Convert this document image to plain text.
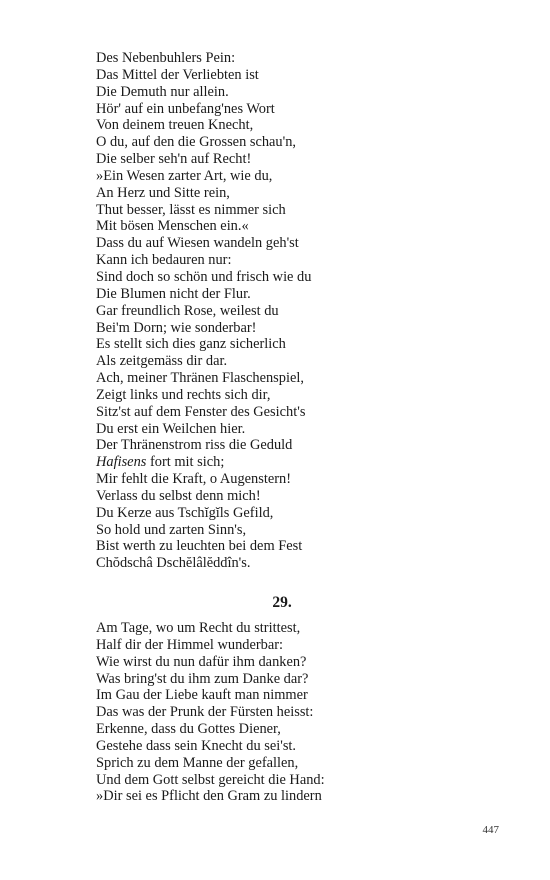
Des Nebenbuhlers Pein:
Das Mittel der Verliebten ist
Die Demuth nur allein.
Hör' auf ein unbefang'nes Wort
Von deinem treuen Knecht,
O du, auf den die Grossen schau'n,
Die selber seh'n auf Recht!
»Ein Wesen zarter Art, wie du,
An Herz und Sitte rein,
Thut besser, lässt es nimmer sich
Mit bösen Menschen ein.«
Dass du auf Wiesen wandeln geh'st
Kann ich bedauren nur:
Sind doch so schön und frisch wie du
Die Blumen nicht der Flur.
Gar freundlich Rose, weilest du
Bei'm Dorn; wie sonderbar!
Es stellt sich dies ganz sicherlich
Als zeitgemäss dir dar.
Ach, meiner Thränen Flaschenspiel,
Zeigt links und rechts sich dir,
Sitz'st auf dem Fenster des Gesicht's
Du erst ein Weilchen hier.
Der Thränenstrom riss die Geduld
Hafisens fort mit sich;
Mir fehlt die Kraft, o Augenstern!
Verlass du selbst denn mich!
Du Kerze aus Tschĭgĭls Gefild,
So hold und zarten Sinn's,
Bist werth zu leuchten bei dem Fest
Chŏdschâ Dschĕlâlĕddîn's.
29.
Am Tage, wo um Recht du strittest,
Half dir der Himmel wunderbar:
Wie wirst du nun dafür ihm danken?
Was bring'st du ihm zum Danke dar?
Im Gau der Liebe kauft man nimmer
Das was der Prunk der Fürsten heisst:
Erkenne, dass du Gottes Diener,
Gestehe dass sein Knecht du sei'st.
Sprich zu dem Manne der gefallen,
Und dem Gott selbst gereicht die Hand:
»Dir sei es Pflicht den Gram zu lindern
447
